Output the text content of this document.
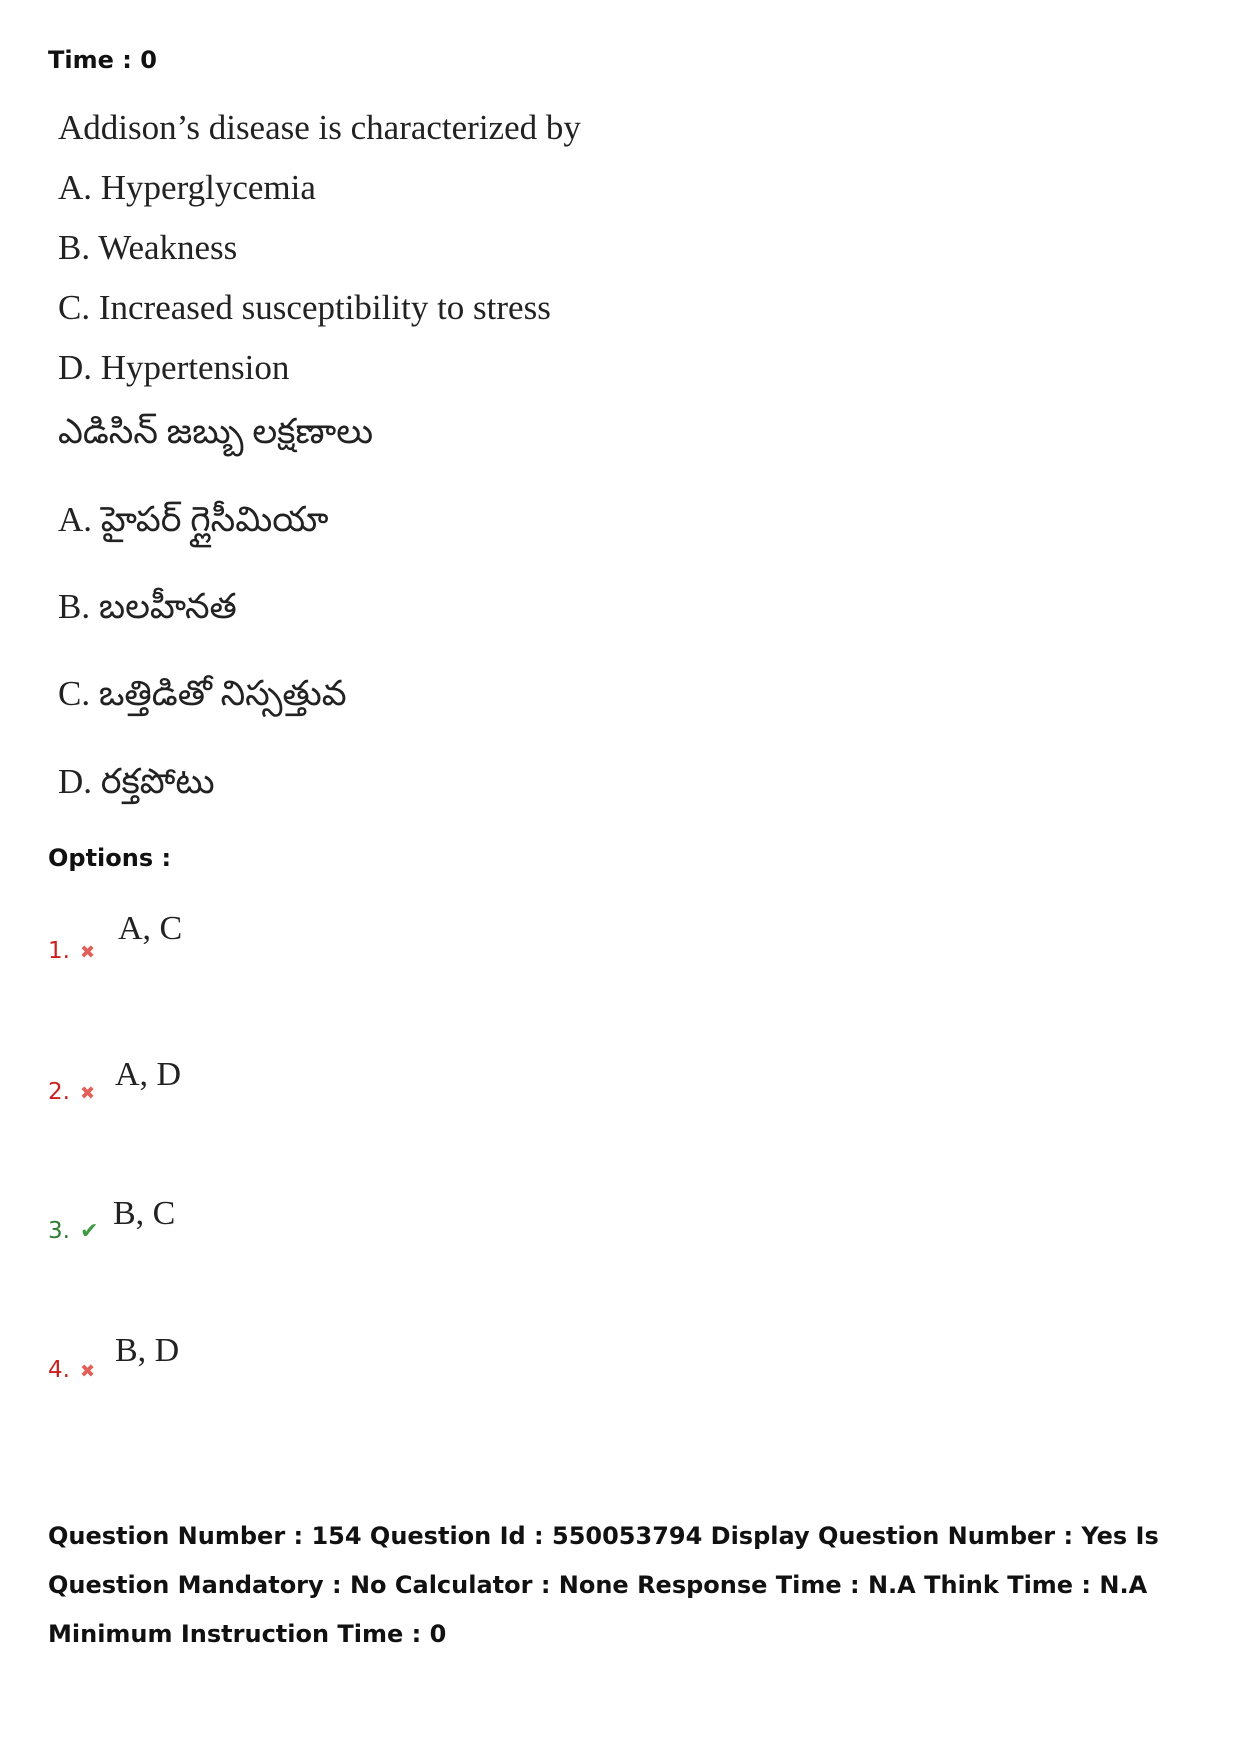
Time : 0
Addison’s disease is characterized by
A. Hyperglycemia
B. Weakness
C. Increased susceptibility to stress
D. Hypertension
ఎడిసిన్ జబ్బు లక్షణాలు
A. హైపర్ గ్లైసీమియా
B. బలహీనత
C. ఒత్తిడితో నిస్సత్తువ
D. రక్తపోటు
Options :
1. ✖
A, C
2. ✖
A, D
3. ✔ B, C
4. ✖
B, D
Question Number : 154 Question Id : 550053794 Display Question Number : Yes Is Question Mandatory : No Calculator : None Response Time : N.A Think Time : N.A Minimum Instruction Time : 0
